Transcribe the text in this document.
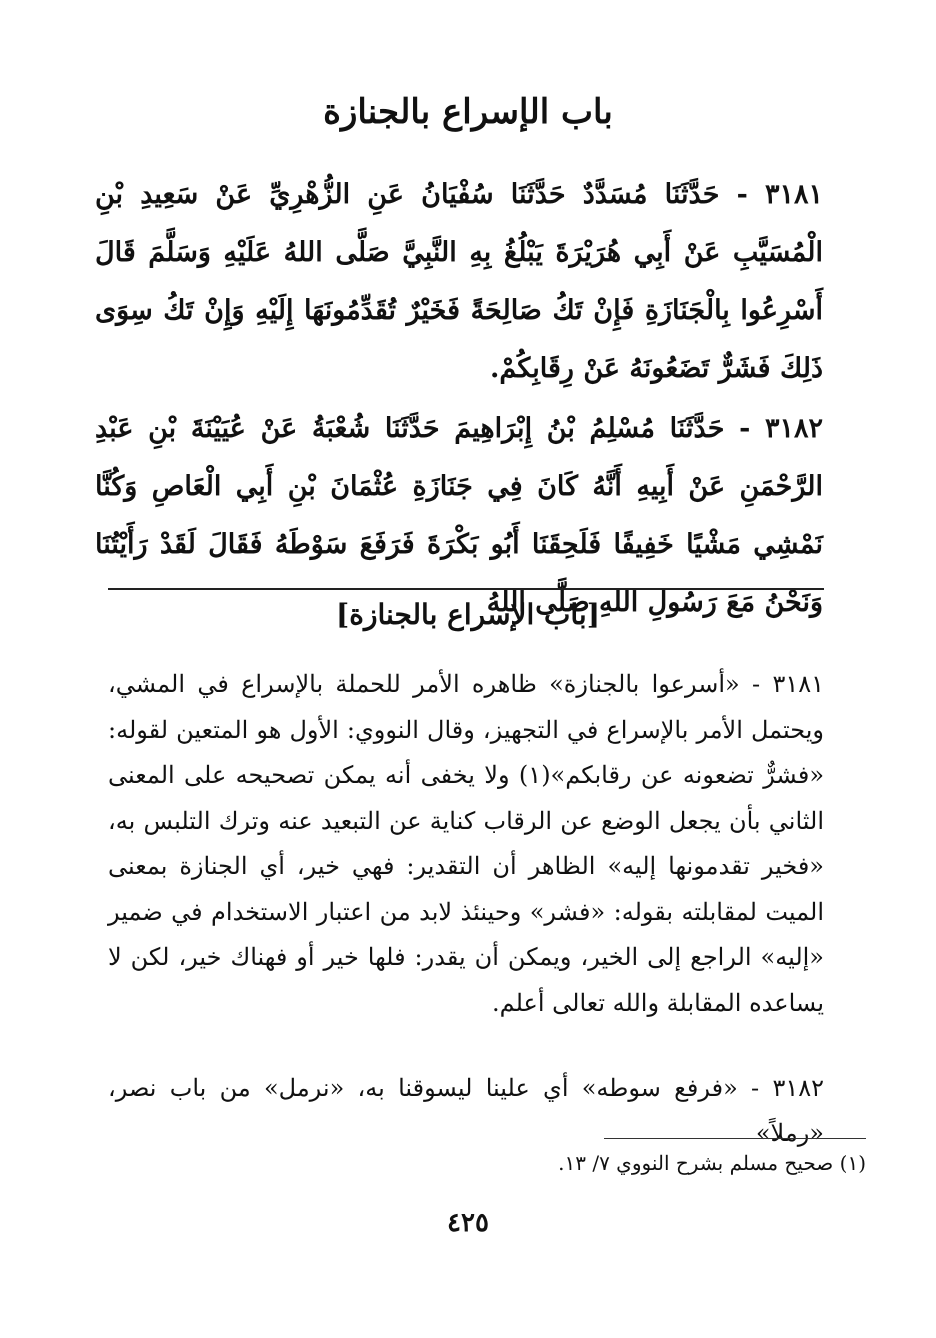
باب الإسراع بالجنازة

٣١٨١ - حَدَّثَنَا مُسَدَّدٌ حَدَّثَنَا سُفْيَانُ عَنِ الزُّهْرِيِّ عَنْ سَعِيدِ بْنِ الْمُسَيَّبِ عَنْ أَبِي هُرَيْرَةَ يَبْلُغُ بِهِ النَّبِيَّ صَلَّى اللهُ عَلَيْهِ وَسَلَّمَ قَالَ أَسْرِعُوا بِالْجَنَازَةِ فَإِنْ تَكُ صَالِحَةً فَخَيْرٌ تُقَدِّمُونَهَا إِلَيْهِ وَإِنْ تَكُ سِوَى ذَلِكَ فَشَرٌّ تَضَعُونَهُ عَنْ رِقَابِكُمْ.

٣١٨٢ - حَدَّثَنَا مُسْلِمُ بْنُ إِبْرَاهِيمَ حَدَّثَنَا شُعْبَةُ عَنْ عُيَيْنَةَ بْنِ عَبْدِ الرَّحْمَنِ عَنْ أَبِيهِ أَنَّهُ كَانَ فِي جَنَازَةِ عُثْمَانَ بْنِ أَبِي الْعَاصِ وَكُنَّا نَمْشِي مَشْيًا خَفِيفًا فَلَحِقَنَا أَبُو بَكْرَةَ فَرَفَعَ سَوْطَهُ فَقَالَ لَقَدْ رَأَيْتُنَا وَنَحْنُ مَعَ رَسُولِ اللهِ صَلَّى اللهُ

[باب الإسراع بالجنازة]

٣١٨١ - «أسرعوا بالجنازة» ظاهره الأمر للحملة بالإسراع في المشي، ويحتمل الأمر بالإسراع في التجهيز، وقال النووي: الأول هو المتعين لقوله: «فشرٌّ تضعونه عن رقابكم»(١) ولا يخفى أنه يمكن تصحيحه على المعنى الثاني بأن يجعل الوضع عن الرقاب كناية عن التبعيد عنه وترك التلبس به، «فخير تقدمونها إليه» الظاهر أن التقدير: فهي خير، أي الجنازة بمعنى الميت لمقابلته بقوله: «فشر» وحينئذ لابد من اعتبار الاستخدام في ضمير «إليه» الراجع إلى الخير، ويمكن أن يقدر: فلها خير أو فهناك خير، لكن لا يساعده المقابلة والله تعالى أعلم.

٣١٨٢ - «فرفع سوطه» أي علينا ليسوقنا به، «نرمل» من باب نصر، «رملاً»

(١) صحيح مسلم بشرح النووي ٧/ ١٣.
٤٢٥
